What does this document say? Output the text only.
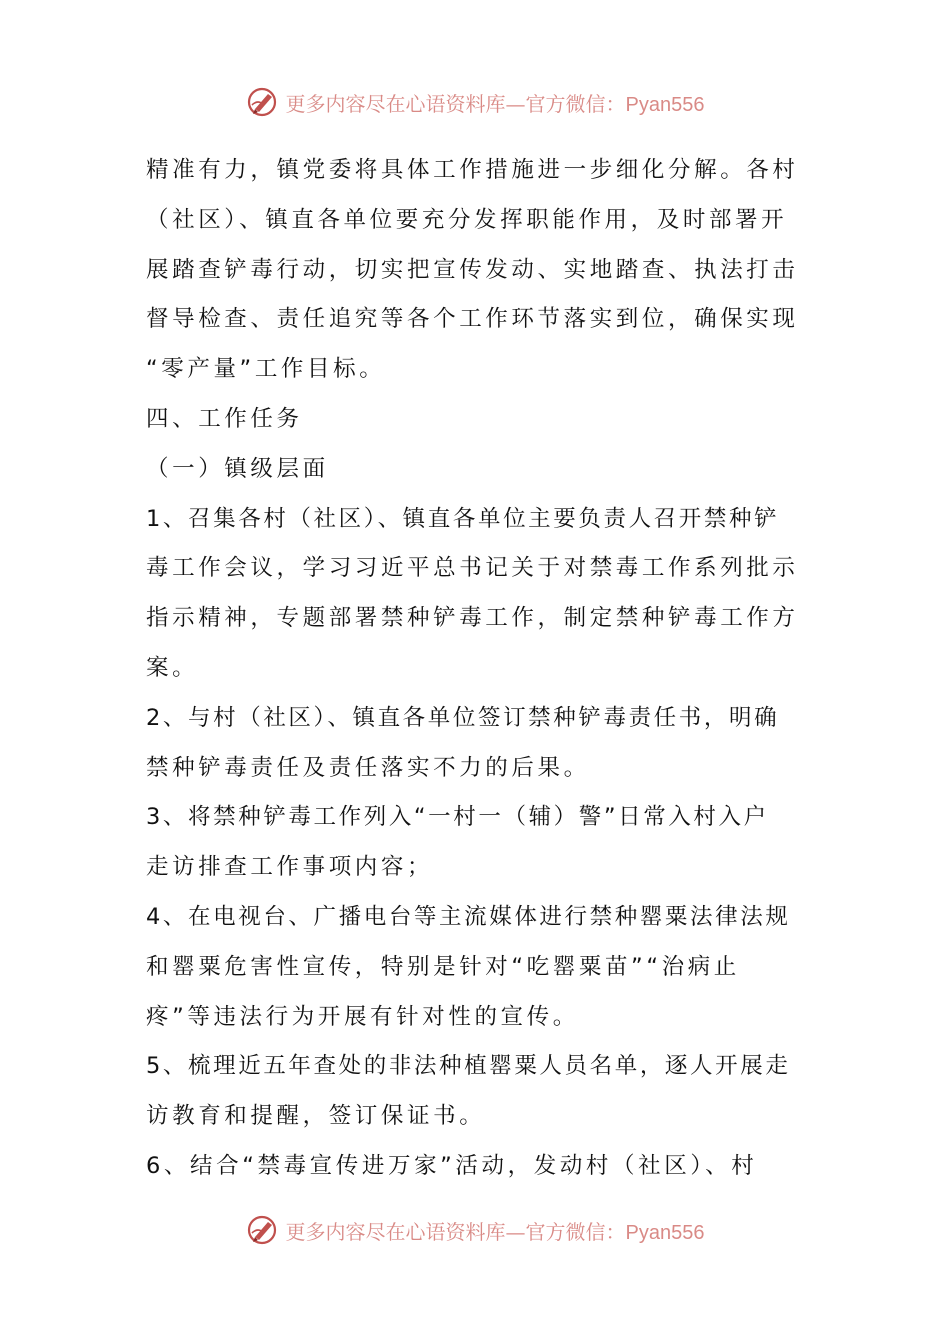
更多内容尽在心语资料库—官方微信：Pyan556
精准有力，镇党委将具体工作措施进一步细化分解。各村
（社区）、镇直各单位要充分发挥职能作用，及时部署开
展踏查铲毒行动，切实把宣传发动、实地踏查、执法打击
督导检查、责任追究等各个工作环节落实到位，确保实现
“零产量”工作目标。
四、工作任务
（一）镇级层面
1、召集各村（社区）、镇直各单位主要负责人召开禁种铲
毒工作会议，学习习近平总书记关于对禁毒工作系列批示
指示精神，专题部署禁种铲毒工作，制定禁种铲毒工作方
案。
2、与村（社区）、镇直各单位签订禁种铲毒责任书，明确
禁种铲毒责任及责任落实不力的后果。
3、将禁种铲毒工作列入“一村一（辅）警”日常入村入户
走访排查工作事项内容；
4、在电视台、广播电台等主流媒体进行禁种罂粟法律法规
和罂粟危害性宣传，特别是针对“吃罂粟苗”“治病止
疼”等违法行为开展有针对性的宣传。
5、梳理近五年查处的非法种植罂粟人员名单，逐人开展走
访教育和提醒，签订保证书。
6、结合“禁毒宣传进万家”活动，发动村（社区）、村
更多内容尽在心语资料库—官方微信：Pyan556
